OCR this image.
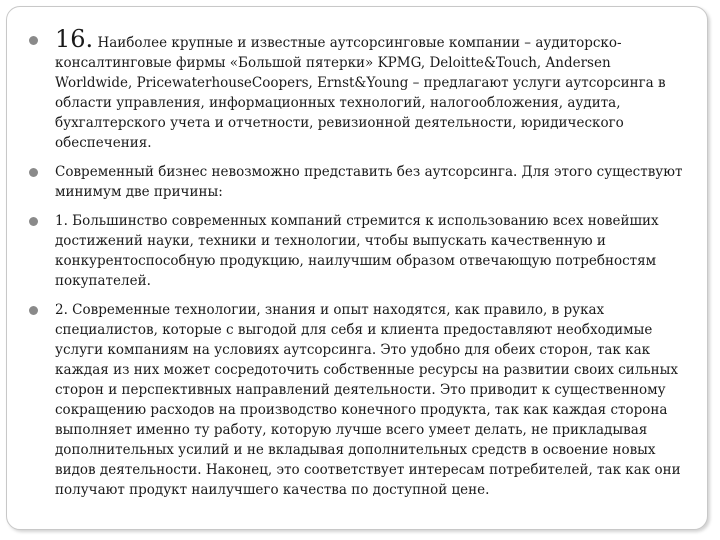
16. Наиболее крупные и известные аутсорсинговые компании – аудиторско-консалтинговые фирмы «Большой пятерки» KPMG, Deloitte&Touch, Andersen Worldwide, PricewaterhouseCoopers, Ernst&Young – предлагают услуги аутсорсинга в области управления, информационных технологий, налогообложения, аудита, бухгалтерского учета и отчетности, ревизионной деятельности, юридического обеспечения.
Современный бизнес невозможно представить без аутсорсинга. Для этого существуют минимум две причины:
1. Большинство современных компаний стремится к использованию всех новейших достижений науки, техники и технологии, чтобы выпускать качественную и конкурентоспособную продукцию, наилучшим образом отвечающую потребностям покупателей.
2. Современные технологии, знания и опыт находятся, как правило, в руках специалистов, которые с выгодой для себя и клиента предоставляют необходимые услуги компаниям на условиях аутсорсинга. Это удобно для обеих сторон, так как каждая из них может сосредоточить собственные ресурсы на развитии своих сильных сторон и перспективных направлений деятельности. Это приводит к существенному сокращению расходов на производство конечного продукта, так как каждая сторона выполняет именно ту работу, которую лучше всего умеет делать, не прикладывая дополнительных усилий и не вкладывая дополнительных средств в освоение новых видов деятельности. Наконец, это соответствует интересам потребителей, так как они получают продукт наилучшего качества по доступной цене.
